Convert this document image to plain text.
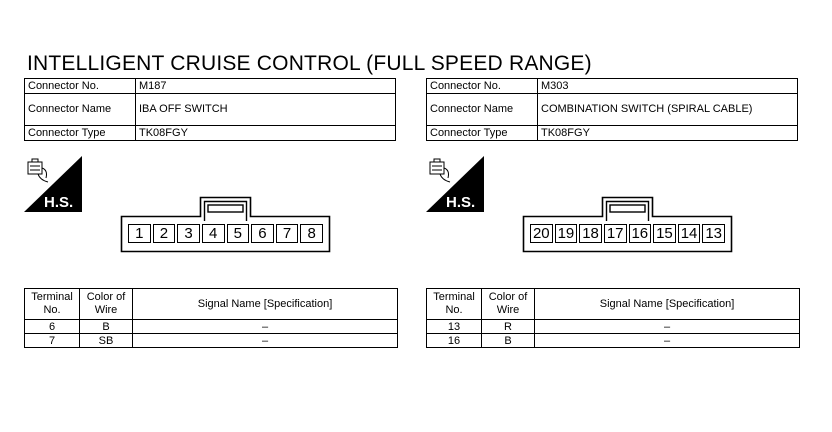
INTELLIGENT CRUISE CONTROL (FULL SPEED RANGE)
Connector No.	M187
Connector Name	IBA OFF SWITCH
Connector Type	TK08FGY
H.S.
1	2	3	4	5	6	7	8
Terminal No.	Color of Wire	Signal Name [Specification]
6	B	–
7	SB	–
Connector No.	M303
Connector Name	COMBINATION SWITCH (SPIRAL CABLE)
Connector Type	TK08FGY
H.S.
20 19 18 17 16 15 14 13
Terminal No.	Color of Wire	Signal Name [Specification]
13	R	–
16	B	–
